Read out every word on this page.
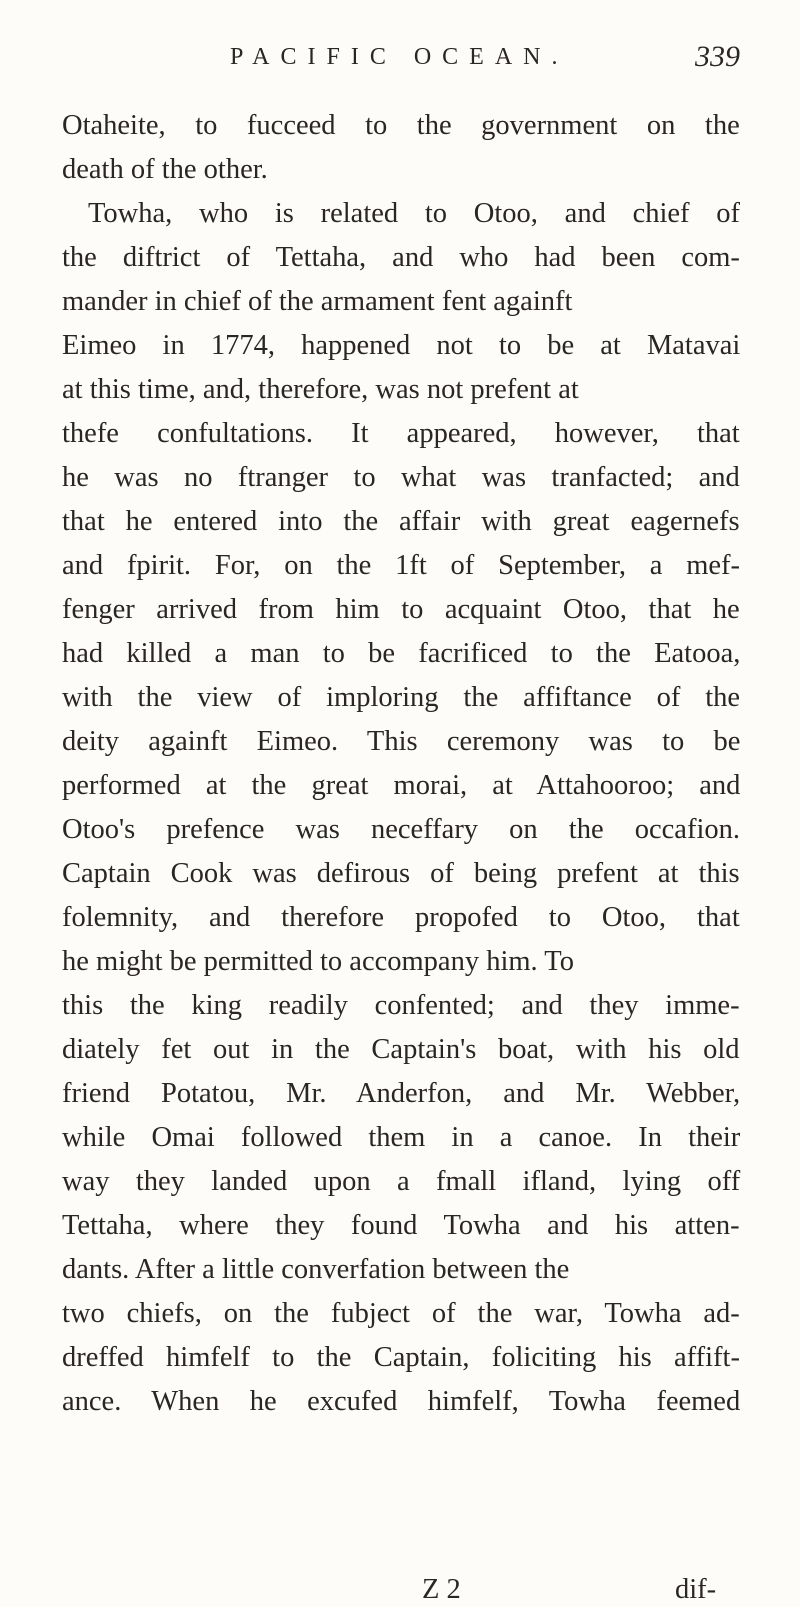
PACIFIC OCEAN.	339
Otaheite, to fucceed to the government on the
death of the other.
Towha, who is related to Otoo, and chief of
the diftrict of Tettaha, and who had been com-
mander in chief of the armament fent againft
Eimeo in 1774, happened not to be at Matavai
at this time, and, therefore, was not prefent at
thefe confultations. It appeared, however, that
he was no ftranger to what was tranfacted; and
that he entered into the affair with great eagernefs
and fpirit. For, on the 1ft of September, a mef-
fenger arrived from him to acquaint Otoo, that he
had killed a man to be facrificed to the Eatooa,
with the view of imploring the affiftance of the
deity againft Eimeo. This ceremony was to be
performed at the great morai, at Attahooroo; and
Otoo's prefence was neceffary on the occafion.
Captain Cook was defirous of being prefent at this
folemnity, and therefore propofed to Otoo, that
he might be permitted to accompany him. To
this the king readily confented; and they imme-
diately fet out in the Captain's boat, with his old
friend Potatou, Mr. Anderfon, and Mr. Webber,
while Omai followed them in a canoe. In their
way they landed upon a fmall ifland, lying off
Tettaha, where they found Towha and his atten-
dants. After a little converfation between the
two chiefs, on the fubject of the war, Towha ad-
dreffed himfelf to the Captain, foliciting his affift-
ance. When he excufed himfelf, Towha feemed
Z 2	dif-
